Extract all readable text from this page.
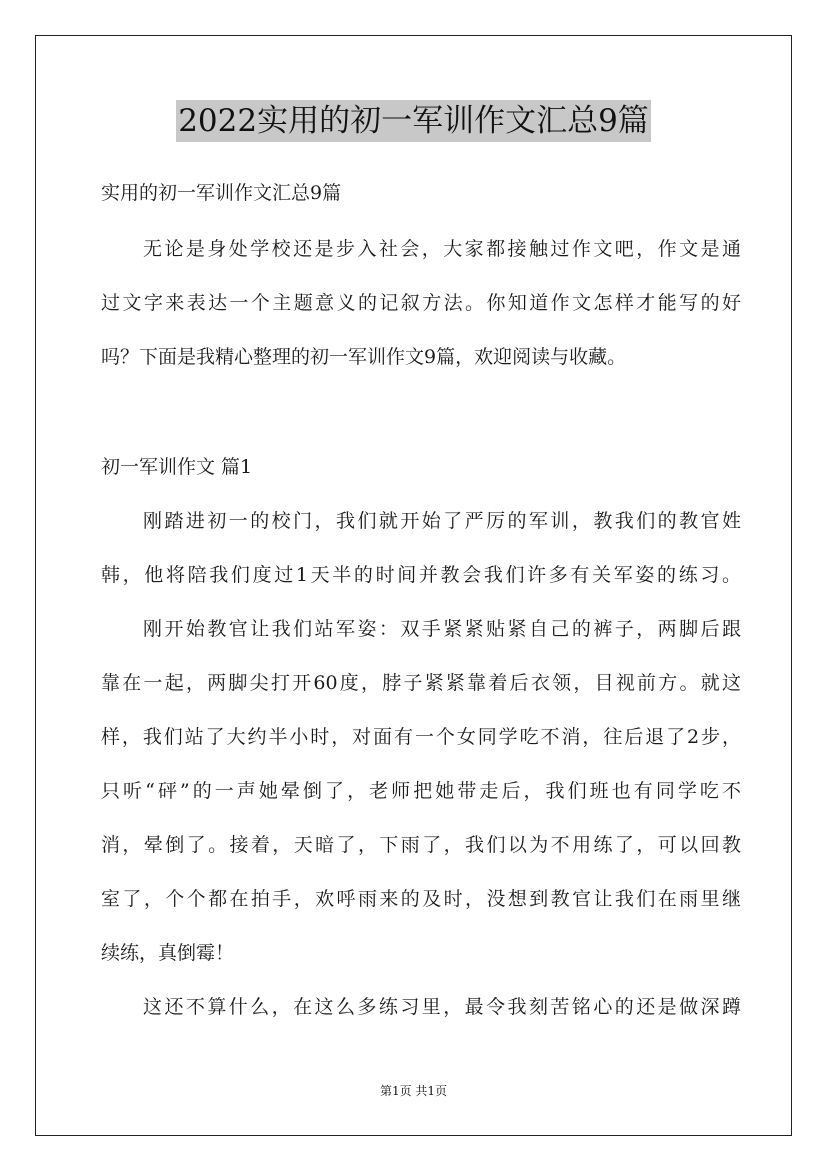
2022实用的初一军训作文汇总9篇
实用的初一军训作文汇总9篇
无论是身处学校还是步入社会，大家都接触过作文吧，作文是通
过文字来表达一个主题意义的记叙方法。你知道作文怎样才能写的好
吗？下面是我精心整理的初一军训作文9篇，欢迎阅读与收藏。
初一军训作文 篇1
刚踏进初一的校门，我们就开始了严厉的军训，教我们的教官姓
韩，他将陪我们度过1天半的时间并教会我们许多有关军姿的练习。
刚开始教官让我们站军姿：双手紧紧贴紧自己的裤子，两脚后跟
靠在一起，两脚尖打开60度，脖子紧紧靠着后衣领，目视前方。就这
样，我们站了大约半小时，对面有一个女同学吃不消，往后退了2步，
只听“砰”的一声她晕倒了，老师把她带走后，我们班也有同学吃不
消，晕倒了。接着，天暗了，下雨了，我们以为不用练了，可以回教
室了，个个都在拍手，欢呼雨来的及时，没想到教官让我们在雨里继
续练，真倒霉！
这还不算什么，在这么多练习里，最令我刻苦铭心的还是做深蹲
第1页 共1页
